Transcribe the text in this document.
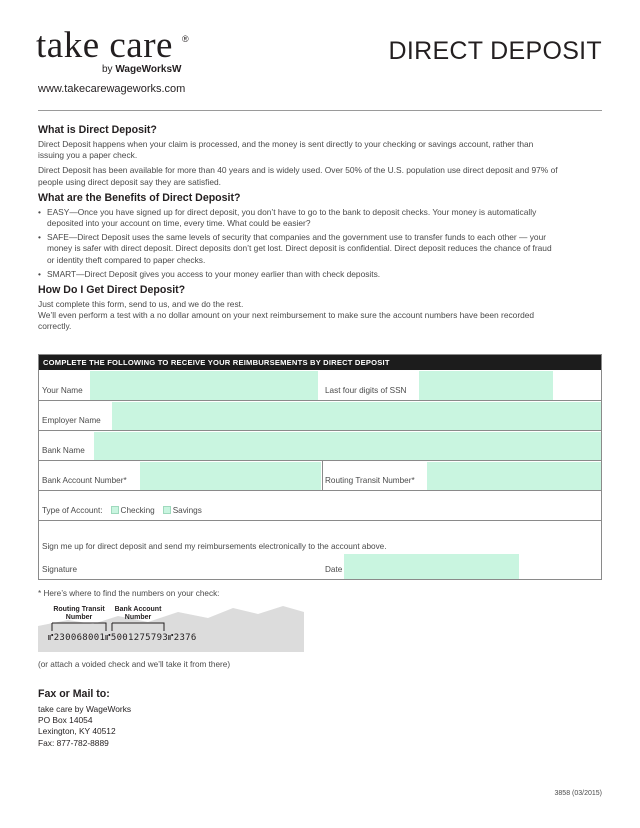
take care ®
by WageWorksW
DIRECT DEPOSIT
www.takecarewageworks.com
What is Direct Deposit?
Direct Deposit happens when your claim is processed, and the money is sent directly to your checking or savings account, rather than issuing you a paper check.
Direct Deposit has been available for more than 40 years and is widely used. Over 50% of the U.S. population use direct deposit and 97% of people using direct deposit say they are satisfied.
What are the Benefits of Direct Deposit?
• EASY—Once you have signed up for direct deposit, you don’t have to go to the bank to deposit checks. Your money is automatically deposited into your account on time, every time. What could be easier?
• SAFE—Direct Deposit uses the same levels of security that companies and the government use to transfer funds to each other — your money is safer with direct deposit. Direct deposits don’t get lost. Direct deposit is confidential. Direct deposit reduces the chance of fraud or identity theft compared to paper checks.
• SMART—Direct Deposit gives you access to your money earlier than with check deposits.
How Do I Get Direct Deposit?
Just complete this form, send to us, and we do the rest.
We’ll even perform a test with a no dollar amount on your next reimbursement to make sure the account numbers have been recorded correctly.
COMPLETE THE FOLLOWING TO RECEIVE YOUR REIMBURSEMENTS BY DIRECT DEPOSIT
Your Name	Last four digits of SSN
Employer Name
Bank Name
Bank Account Number*	Routing Transit Number*
Type of Account: Checking Savings
Sign me up for direct deposit and send my reimbursements electronically to the account above.
Signature	Date
* Here’s where to find the numbers on your check:
Routing Transit
Number
Bank Account
Number
⑈230068001⑈5001275793⑈2376
(or attach a voided check and we’ll take it from there)
Fax or Mail to:
take care by WageWorks
PO Box 14054
Lexington, KY 40512
Fax: 877-782-8889
3858 (03/2015)
